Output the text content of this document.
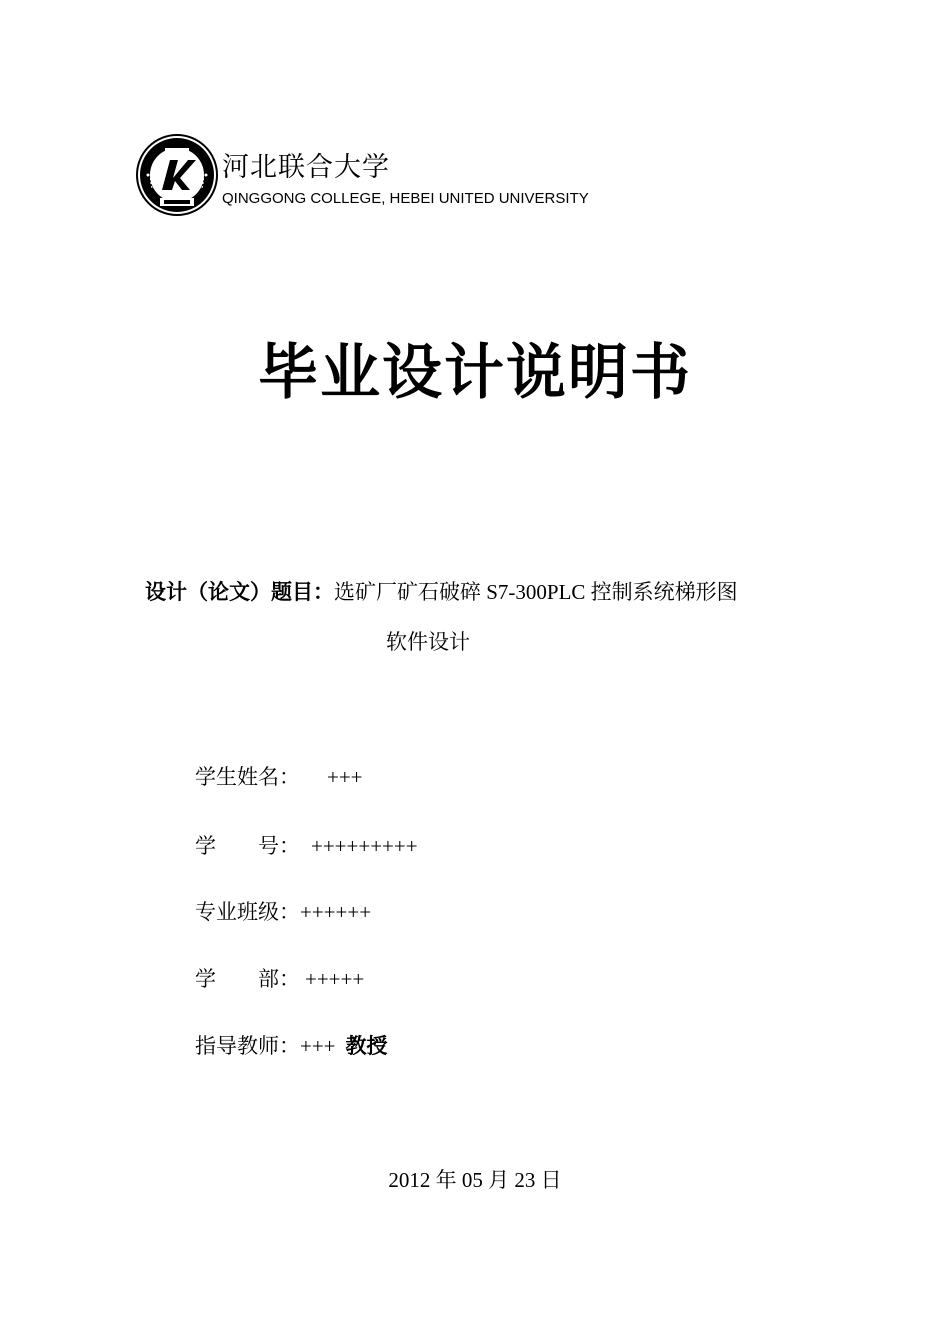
河北联合大学
QINGGONG COLLEGE, HEBEI UNITED UNIVERSITY
毕业设计说明书
设计（论文）题目：选矿厂矿石破碎 S7-300PLC 控制系统梯形图
软件设计
学生姓名： +++
学　　号： +++++++++
专业班级：++++++
学　　部： +++++
指导教师：+++ 教授
2012 年 05 月 23 日
